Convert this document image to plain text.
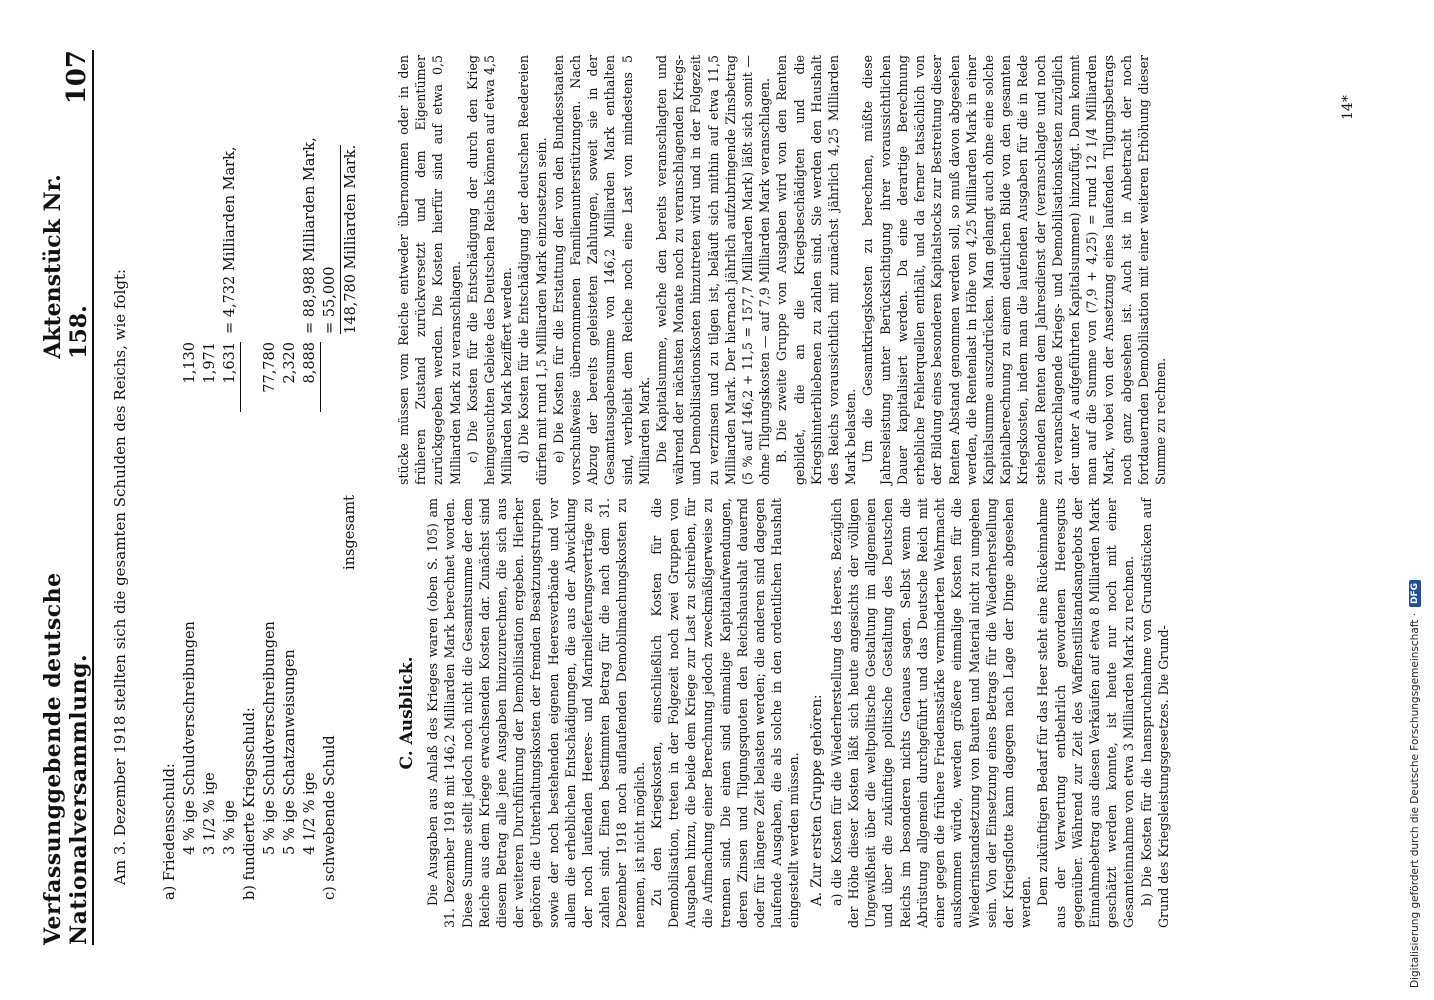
Verfassunggebende deutsche Nationalversammlung.
Aktenstück Nr. 158.
107

Am 3. Dezember 1918 stellten sich die gesamten Schulden des Reichs, wie folgt: a) Friedensschuld: 4 % ige Schuldverschreibungen
1,130
3 1/2 % ige
1,971
3 % ige
1,631
= 4,732 Milliarden Mark,
b) fundierte Kriegsschuld: 5 % ige Schuldverschreibungen
77,780
5 % ige Schatzanweisungen
2,320
4 1/2 % ige
8,888
= 88,988 Milliarden Mark,
c) schwebende Schuld
= 55,000
insgesamt
148,780 Milliarden Mark.
C. Ausblick. Die Ausgaben aus Anlaß des Krieges waren (oben S. 105) am 31. Dezember 1918 mit 146,2 Milliarden Mark berechnet worden. Diese Summe stellt jedoch noch nicht die Gesamtsumme der dem Reiche aus dem Kriege erwachsenden Kosten dar. Zunächst sind diesem Betrag alle jene Ausgaben hinzuzurechnen, die sich aus der weiteren Durchführung der Demobilisation ergeben. Hierher gehören die Unterhaltungskosten der fremden Besatzungstruppen sowie der noch bestehenden eigenen Heeresverbände und vor allem die erheblichen Entschädigungen, die aus der Abwicklung der noch laufenden Heeres- und Marinelieferungsverträge zu zahlen sind. Einen bestimmten Betrag für die nach dem 31. Dezember 1918 noch auflaufenden Demobilmachungskosten zu nennen, ist nicht möglich. Zu den Kriegskosten, einschließlich Kosten für die Demobilisation, treten in der Folgezeit noch zwei Gruppen von Ausgaben hinzu, die beide dem Kriege zur Last zu schreiben, für die Aufmachung einer Berechnung jedoch zweckmäßigerweise zu trennen sind. Die einen sind einmalige Kapitalaufwendungen, deren Zinsen und Tilgungsquoten den Reichshaushalt dauernd oder für längere Zeit belasten werden; die anderen sind dagegen laufende Ausgaben, die als solche in den ordentlichen Haushalt eingestellt werden müssen. A. Zur ersten Gruppe gehören: a) die Kosten für die Wiederherstellung des Heeres. Bezüglich der Höhe dieser Kosten läßt sich heute angesichts der völligen Ungewißheit über die weltpolitische Gestaltung im allgemeinen und über die zukünftige politische Gestaltung des Deutschen Reichs im besonderen nichts Genaues sagen. Selbst wenn die Abrüstung allgemein durchgeführt und das Deutsche Reich mit einer gegen die frühere Friedensstärke verminderten Wehrmacht auskommen würde, werden größere einmalige Kosten für die Wiederinstandsetzung von Bauten und Material nicht zu umgehen sein. Von der Einsetzung eines Betrags für die Wiederherstellung der Kriegsflotte kann dagegen nach Lage der Dinge abgesehen werden. Dem zukünftigen Bedarf für das Heer steht eine Rückeinnahme aus der Verwertung entbehrlich gewordenen Heeresguts gegenüber. Während zur Zeit des Waffenstillstandsangebots der Einnahmebetrag aus diesen Verkäufen auf etwa 8 Milliarden Mark geschätzt werden konnte, ist heute nur noch mit einer Gesamteinnahme von etwa 3 Milliarden Mark zu rechnen. b) Die Kosten für die Inanspruchnahme von Grundstücken auf Grund des Kriegsleistungsgesetzes. Die Grund-

stücke müssen vom Reiche entweder übernommen oder in den früheren Zustand zurückversetzt und dem Eigentümer zurückgegeben werden. Die Kosten hierfür sind auf etwa 0,5 Milliarden Mark zu veranschlagen. c) Die Kosten für die Entschädigung der durch den Krieg heimgesuchten Gebiete des Deutschen Reichs können auf etwa 4,5 Milliarden Mark beziffert werden. d) Die Kosten für die Entschädigung der deutschen Reedereien dürfen mit rund 1,5 Milliarden Mark einzusetzen sein. e) Die Kosten für die Erstattung der von den Bundesstaaten vorschußweise übernommenen Familienunterstützungen. Nach Abzug der bereits geleisteten Zahlungen, soweit sie in der Gesamtausgabensumme von 146,2 Milliarden Mark enthalten sind, verbleibt dem Reiche noch eine Last von mindestens 5 Milliarden Mark. Die Kapitalsumme, welche den bereits veranschlagten und während der nächsten Monate noch zu veranschlagenden Kriegs- und Demobilisationskosten hinzutreten wird und in der Folgezeit zu verzinsen und zu tilgen ist, beläuft sich mithin auf etwa 11,5 Milliarden Mark. Der hiernach jährlich aufzubringende Zinsbetrag (5 % auf 146,2 + 11,5 = 157,7 Milliarden Mark) läßt sich somit — ohne Tilgungskosten — auf 7,9 Milliarden Mark veranschlagen. B. Die zweite Gruppe von Ausgaben wird von den Renten gebildet, die an die Kriegsbeschädigten und die Kriegshinterbliebenen zu zahlen sind. Sie werden den Haushalt des Reichs voraussichtlich mit zunächst jährlich 4,25 Milliarden Mark belasten. Um die Gesamtkriegskosten zu berechnen, müßte diese Jahresleistung unter Berücksichtigung ihrer voraussichtlichen Dauer kapitalisiert werden. Da eine derartige Berechnung erhebliche Fehlerquellen enthält, und da ferner tatsächlich von der Bildung eines besonderen Kapitalstocks zur Bestreitung dieser Renten Abstand genommen werden soll, so muß davon abgesehen werden, die Rentenlast in Höhe von 4,25 Milliarden Mark in einer Kapitalsumme auszudrücken. Man gelangt auch ohne eine solche Kapitalberechnung zu einem deutlichen Bilde von den gesamten Kriegskosten, indem man die laufenden Ausgaben für die in Rede stehenden Renten dem Jahresdienst der (veranschlagte und noch zu veranschlagende Kriegs- und Demobilisationskosten zuzüglich der unter A aufgeführten Kapitalsummen) hinzufügt. Dann kommt man auf die Summe von (7,9 + 4,25) = rund 12 1/4 Milliarden Mark, wobei von der Ansetzung eines laufenden Tilgungsbetrags noch ganz abgesehen ist. Auch ist in Anbetracht der noch fortdauernden Demobilisation mit einer weiteren Erhöhung dieser Summe zu rechnen.

14*
Digitalisierung gefördert durch die Deutsche Forschungsgemeinschaft ·
DFG
